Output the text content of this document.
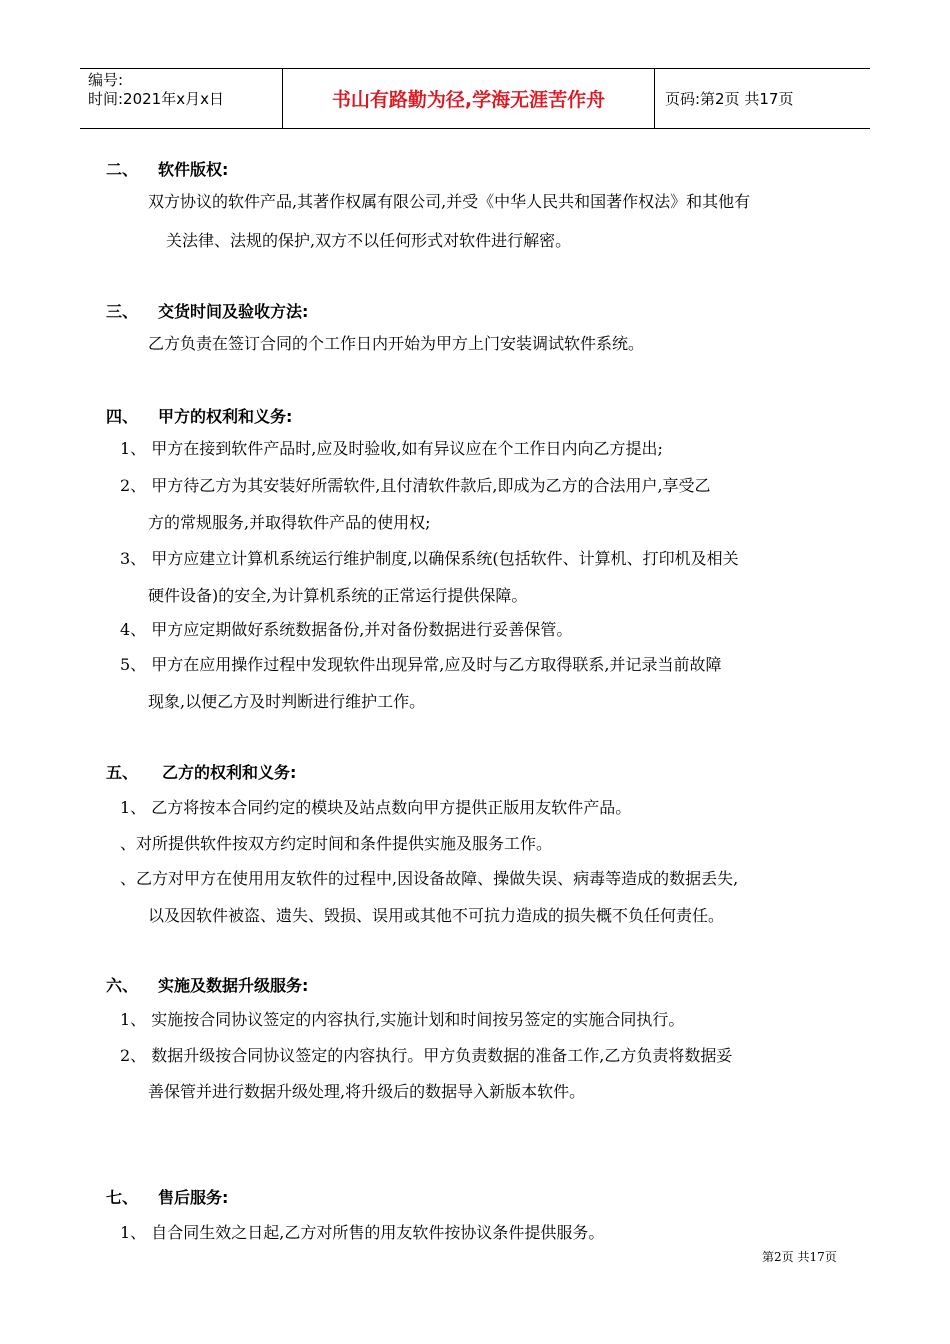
编号:
时间:2021年x月x日	书山有路勤为径,学海无涯苦作舟	页码:第2页 共17页
二、 软件版权:
双方协议的软件产品,其著作权属有限公司,并受《中华人民共和国著作权法》和其他有
关法律、法规的保护,双方不以任何形式对软件进行解密。
三、 交货时间及验收方法:
乙方负责在签订合同的个工作日内开始为甲方上门安装调试软件系统。
四、 甲方的权利和义务:
1、 甲方在接到软件产品时,应及时验收,如有异议应在个工作日内向乙方提出;
2、 甲方待乙方为其安装好所需软件,且付清软件款后,即成为乙方的合法用户,享受乙
方的常规服务,并取得软件产品的使用权;
3、 甲方应建立计算机系统运行维护制度,以确保系统(包括软件、计算机、打印机及相关
硬件设备)的安全,为计算机系统的正常运行提供保障。
4、 甲方应定期做好系统数据备份,并对备份数据进行妥善保管。
5、 甲方在应用操作过程中发现软件出现异常,应及时与乙方取得联系,并记录当前故障
现象,以便乙方及时判断进行维护工作。
五、 乙方的权利和义务:
1、 乙方将按本合同约定的模块及站点数向甲方提供正版用友软件产品。
、对所提供软件按双方约定时间和条件提供实施及服务工作。
、乙方对甲方在使用用友软件的过程中,因设备故障、操做失误、病毒等造成的数据丢失,
以及因软件被盗、遗失、毁损、误用或其他不可抗力造成的损失概不负任何责任。
六、 实施及数据升级服务:
1、 实施按合同协议签定的内容执行,实施计划和时间按另签定的实施合同执行。
2、 数据升级按合同协议签定的内容执行。甲方负责数据的准备工作,乙方负责将数据妥
善保管并进行数据升级处理,将升级后的数据导入新版本软件。
七、 售后服务:
1、 自合同生效之日起,乙方对所售的用友软件按协议条件提供服务。
第2页 共17页
